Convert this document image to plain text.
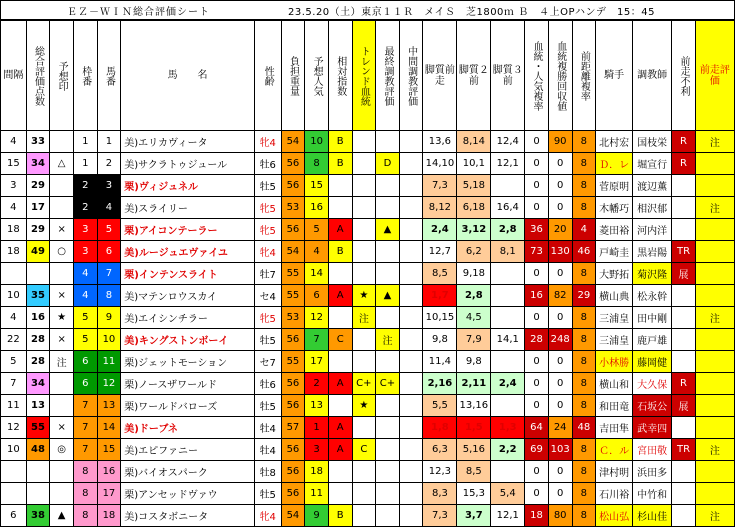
ＥＺ－ＷＩＮ総合評価シート	23.5.20（土）東京１１Ｒ　メイＳ　芝1800ｍ Ｂ　４上OPハンデ　15：45
間隔	総合評価点数	予想印	枠番	馬番	馬　　名	性齢	負担重量	予想人気	相対指数	トレンド血統	最終調教評価	中間調教評価	脚質前走	脚質２前	脚質３前	血統・人気複率	血統複勝回収値	前距離複率	騎手	調教師	前走不利	前走評価
4	33		1	1	美)エリカヴィータ	牝4	54	10	B				13,6	8,14	12,4	0	90	8	北村宏	国枝栄	R	注
15	34	△	1	2	美)サクラトゥジュール	牡6	56	8	B		D		14,10	10,1	12,1	0	0	8	Ｄ．レ	堀宣行	R	
3	29		2	3	栗)ヴィジュネル	牡5	56	15					7,3	5,18		0	0	8	菅原明	渡辺薫		
4	17		2	4	美)スライリー	牝5	53	16					8,12	6,18	16,4	0	0	8	木幡巧	相沢郁		注
18	29	×	3	5	栗)アイコンテーラー	牝5	56	5	A		▲		2,4	3,12	2,8	36	20	4	菱田裕	河内洋		
18	49	○	3	6	美)ルージュエヴァイユ	牝4	54	4	B				12,7	6,2	8,1	73	130	46	戸崎圭	黒岩陽	TR	
			4	7	栗)インテンスライト	牡7	55	14					8,5	9,18		0	0	8	大野拓	菊沢隆	展	
10	35	×	4	8	美)マテンロウスカイ	セ4	55	6	A	★	▲		1,7	2,8		16	82	29	横山典	松永幹		
4	16	★	5	9	美)エイシンチラー	牝5	53	12		注			10,15	4,5		0	0	8	三浦皇	田中剛		注
22	28	×	5	10	美)キングストンボーイ	牡5	56	7	C		注		9,8	7,9	14,1	28	248	8	三浦皇	鹿戸雄		
5	28	注	6	11	栗)ジェットモーション	セ7	55	17					11,4	9,8		0	0	8	小林勝	藤岡健		
7	34		6	12	栗)ノースザワールド	牡6	56	2	A	C+	C+		2,16	2,11	2,4	0	0	8	横山和	大久保	R	
11	13		7	13	栗)ワールドバローズ	牡5	56	13		★			5,5	13,16		0	0	8	和田竜	石坂公	展	
12	55	×	7	14	美)ドーブネ	牡4	57	1	A				1,8	1,5	1,3	64	24	48	吉田隼	武幸四		
10	48	◎	7	15	美)エピファニー	牡4	56	3	A	C			6,3	5,16	2,2	69	103	8	Ｃ．ル	宮田敬	TR	注
			8	16	栗)バイオスパーク	牡8	56	18					12,3	8,5		0	0	8	津村明	浜田多		
			8	17	栗)アンセッドヴァウ	牡5	56	11					8,3	15,3	5,4	0	0	8	石川裕	中竹和		
6	38	▲	8	18	美)コスタボニータ	牝4	54	9	B				7,3	3,7	12,1	18	80	8	松山弘	杉山佳		注
